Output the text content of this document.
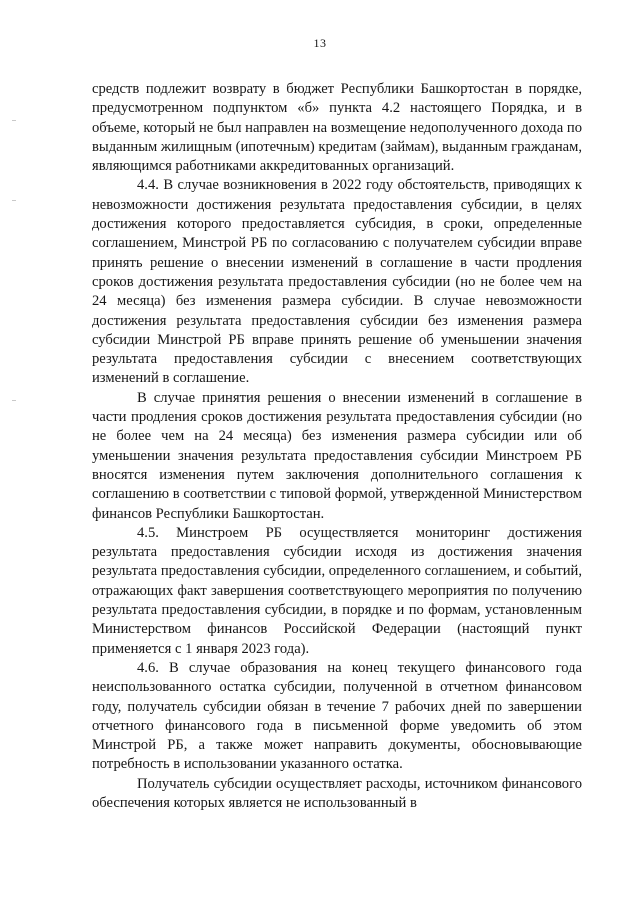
13

средств подлежит возврату в бюджет Республики Башкортостан в порядке, предусмотренном подпунктом «б» пункта 4.2 настоящего Порядка, и в объеме, который не был направлен на возмещение недополученного дохода по выданным жилищным (ипотечным) кредитам (займам), выданным гражданам, являющимся работниками аккредитованных организаций.

4.4. В случае возникновения в 2022 году обстоятельств, приводящих к невозможности достижения результата предоставления субсидии, в целях достижения которого предоставляется субсидия, в сроки, определенные соглашением, Минстрой РБ по согласованию с получателем субсидии вправе принять решение о внесении изменений в соглашение в части продления сроков достижения результата предоставления субсидии (но не более чем на 24 месяца) без изменения размера субсидии. В случае невозможности достижения результата предоставления субсидии без изменения размера субсидии Минстрой РБ вправе принять решение об уменьшении значения результата предоставления субсидии с внесением соответствующих изменений в соглашение.

В случае принятия решения о внесении изменений в соглашение в части продления сроков достижения результата предоставления субсидии (но не более чем на 24 месяца) без изменения размера субсидии или об уменьшении значения результата предоставления субсидии Минстроем РБ вносятся изменения путем заключения дополнительного соглашения к соглашению в соответствии с типовой формой, утвержденной Министерством финансов Республики Башкортостан.

4.5. Минстроем РБ осуществляется мониторинг достижения результата предоставления субсидии исходя из достижения значения результата предоставления субсидии, определенного соглашением, и событий, отражающих факт завершения соответствующего мероприятия по получению результата предоставления субсидии, в порядке и по формам, установленным Министерством финансов Российской Федерации (настоящий пункт применяется с 1 января 2023 года).

4.6. В случае образования на конец текущего финансового года неиспользованного остатка субсидии, полученной в отчетном финансовом году, получатель субсидии обязан в течение 7 рабочих дней по завершении отчетного финансового года в письменной форме уведомить об этом Минстрой РБ, а также может направить документы, обосновывающие потребность в использовании указанного остатка.

Получатель субсидии осуществляет расходы, источником финансового обеспечения которых является не использованный в
